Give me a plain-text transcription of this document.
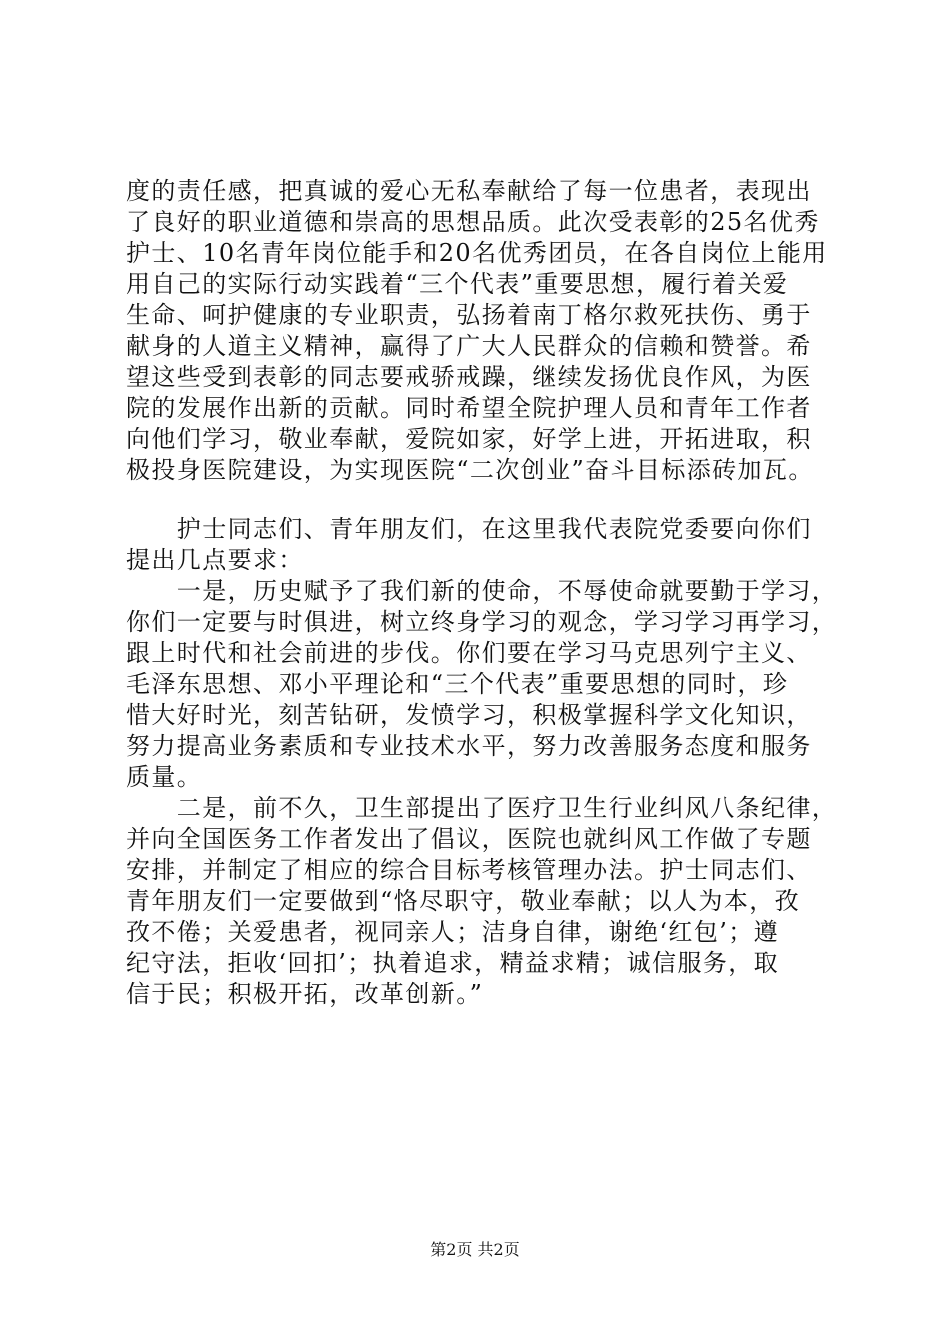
度的责任感，把真诚的爱心无私奉献给了每一位患者，表现出
了良好的职业道德和崇高的思想品质。此次受表彰的25名优秀
护士、10名青年岗位能手和20名优秀团员，在各自岗位上能用
用自己的实际行动实践着“三个代表”重要思想，履行着关爱
生命、呵护健康的专业职责，弘扬着南丁格尔救死扶伤、勇于
献身的人道主义精神，赢得了广大人民群众的信赖和赞誉。希
望这些受到表彰的同志要戒骄戒躁，继续发扬优良作风，为医
院的发展作出新的贡献。同时希望全院护理人员和青年工作者
向他们学习，敬业奉献，爱院如家，好学上进，开拓进取，积
极投身医院建设，为实现医院“二次创业”奋斗目标添砖加瓦。
　　护士同志们、青年朋友们，在这里我代表院党委要向你们
提出几点要求：
　　一是，历史赋予了我们新的使命，不辱使命就要勤于学习，
你们一定要与时俱进，树立终身学习的观念，学习学习再学习，
跟上时代和社会前进的步伐。你们要在学习马克思列宁主义、
毛泽东思想、邓小平理论和“三个代表”重要思想的同时，珍
惜大好时光，刻苦钻研，发愤学习，积极掌握科学文化知识，
努力提高业务素质和专业技术水平，努力改善服务态度和服务
质量。
　　二是，前不久，卫生部提出了医疗卫生行业纠风八条纪律，
并向全国医务工作者发出了倡议，医院也就纠风工作做了专题
安排，并制定了相应的综合目标考核管理办法。护士同志们、
青年朋友们一定要做到“恪尽职守，敬业奉献；以人为本，孜
孜不倦；关爱患者，视同亲人；洁身自律，谢绝‘红包’；遵
纪守法，拒收‘回扣’；执着追求，精益求精；诚信服务，取
信于民；积极开拓，改革创新。”
第2页 共2页
